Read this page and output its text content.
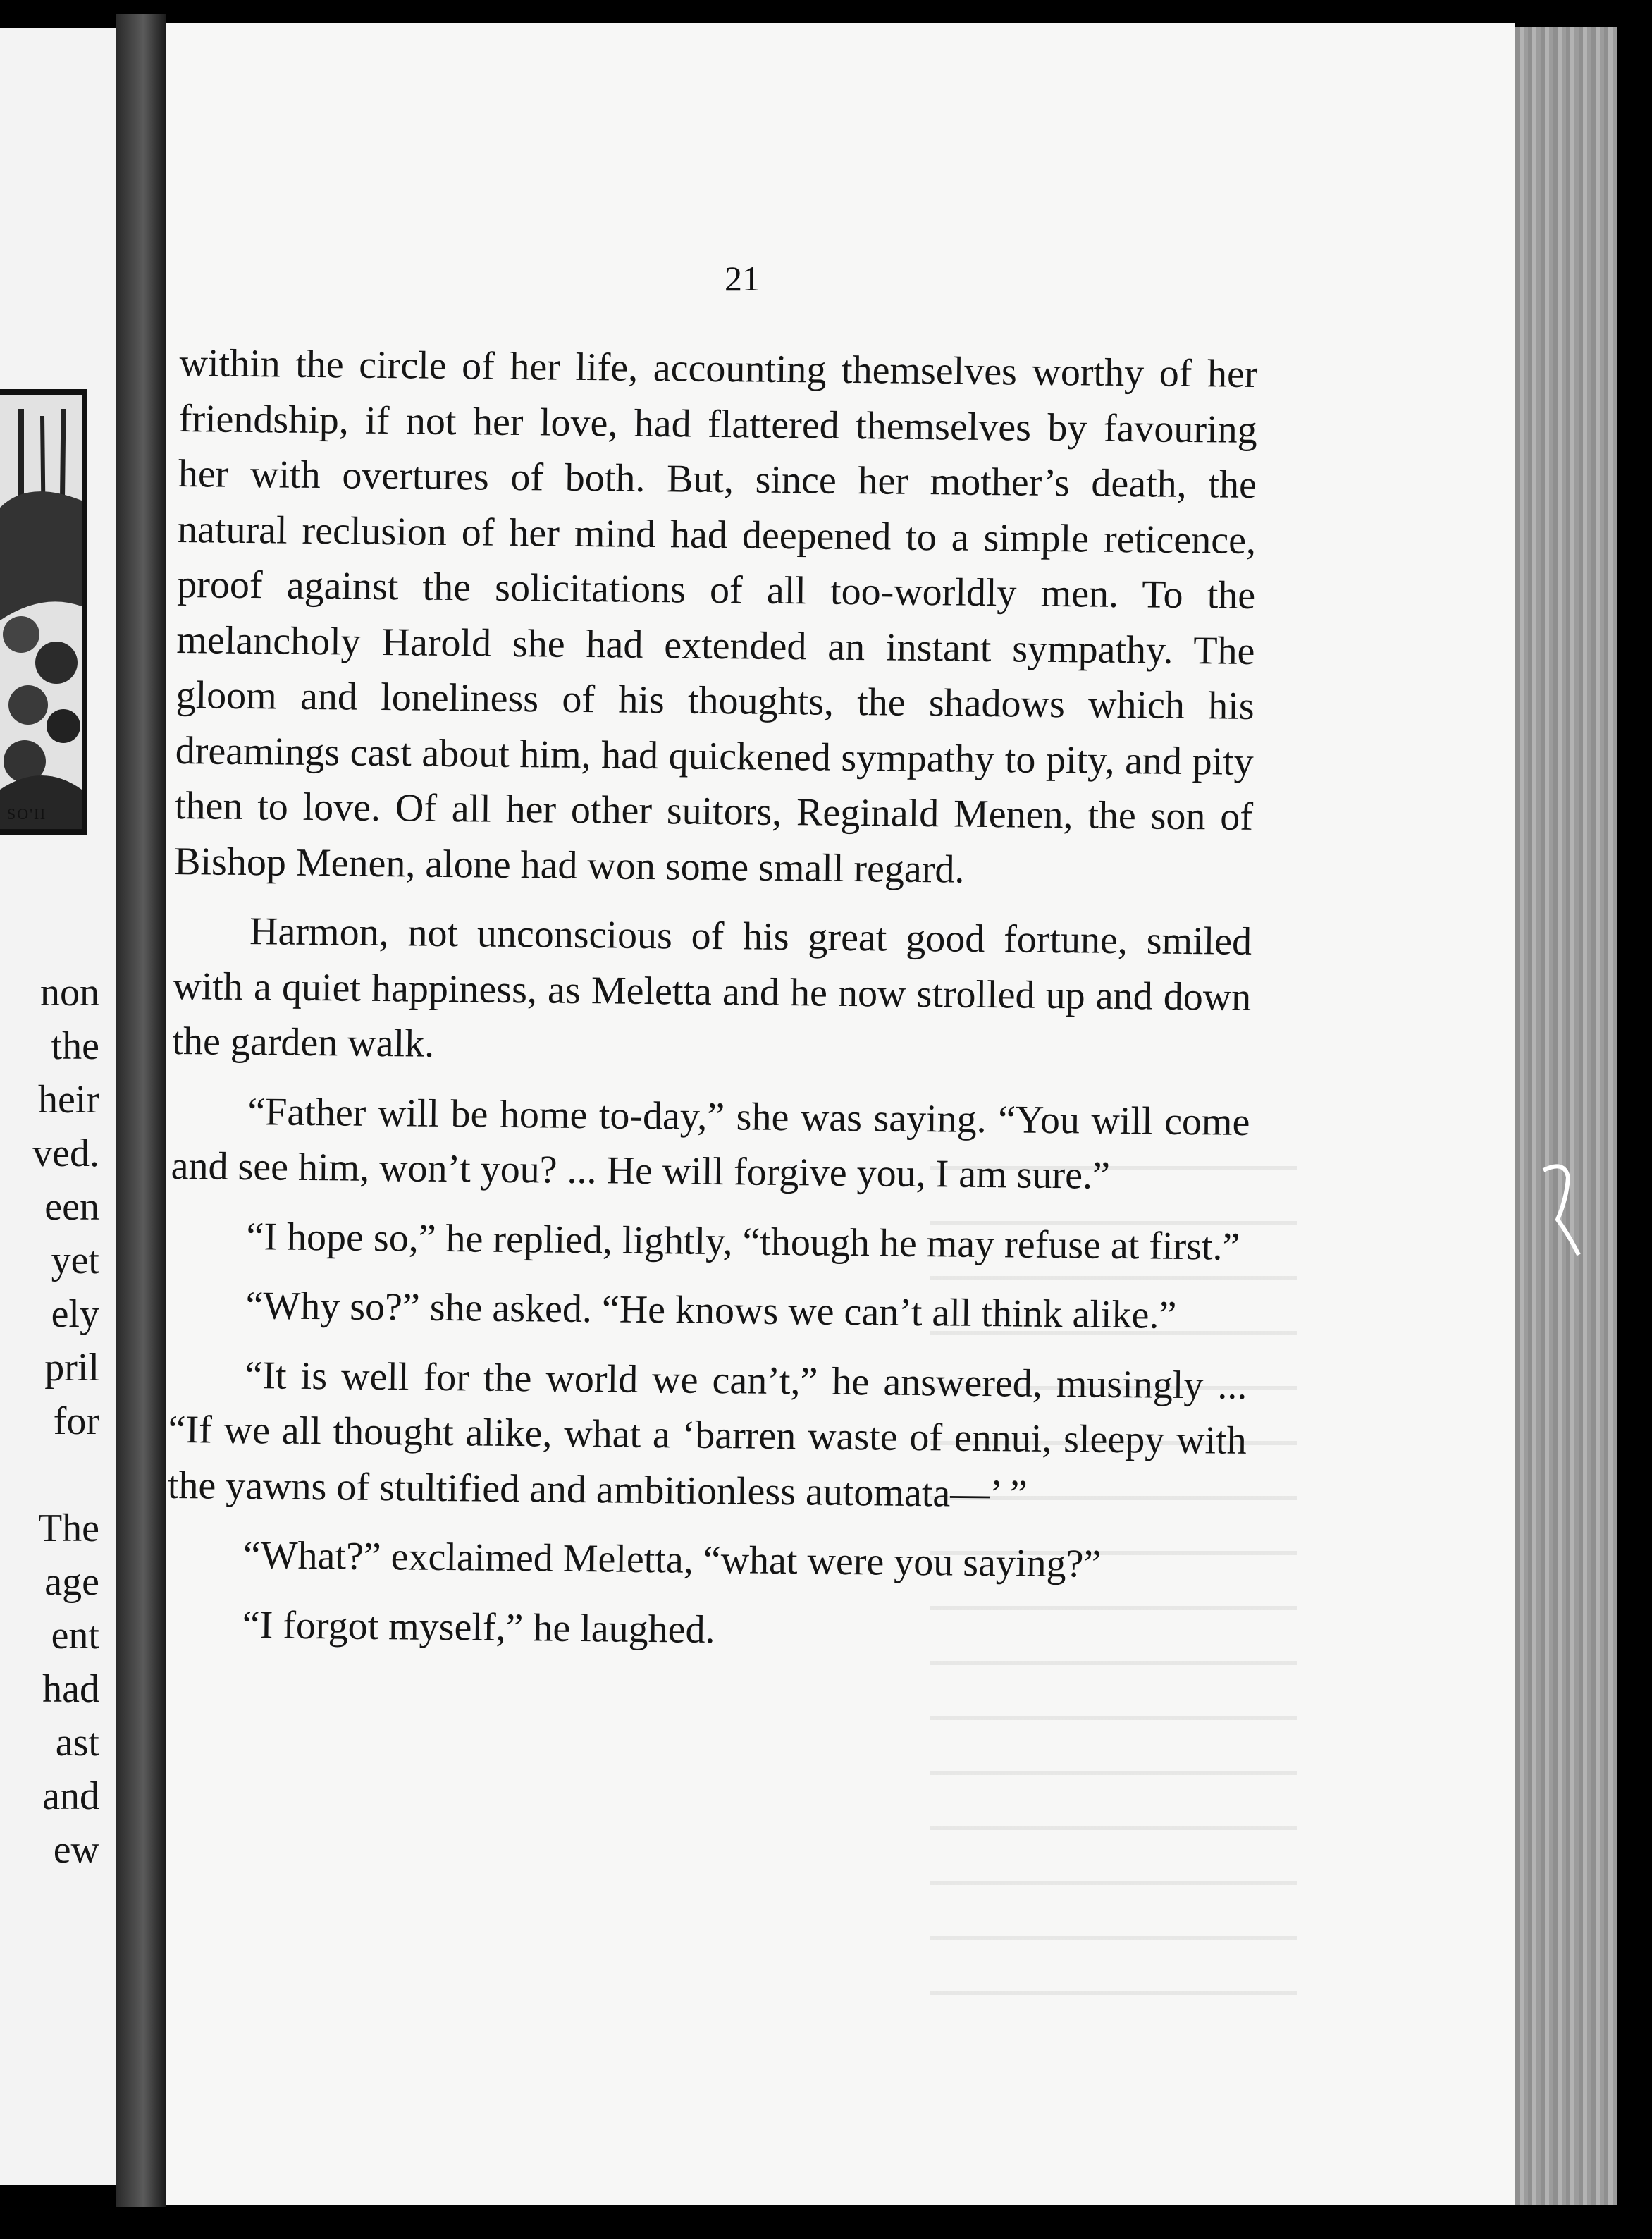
SO'H
non
the
heir
ved.
een
yet
ely
pril
for
The
age
ent
had
ast
and
ew
21

within the circle of her life, accounting themselves worthy of her friendship, if not her love, had flattered themselves by favouring her with overtures of both. But, since her mother’s death, the natural reclusion of her mind had deepened to a simple reticence, proof against the solicitations of all too-worldly men. To the melancholy Harold she had extended an instant sympathy. The gloom and loneliness of his thoughts, the shadows which his dreamings cast about him, had quickened sympathy to pity, and pity then to love. Of all her other suitors, Reginald Menen, the son of Bishop Menen, alone had won some small regard.

Harmon, not unconscious of his great good fortune, smiled with a quiet happiness, as Meletta and he now strolled up and down the garden walk.

“Father will be home to-day,” she was saying. “You will come and see him, won’t you? ... He will forgive you, I am sure.”

“I hope so,” he replied, lightly, “though he may refuse at first.”

“Why so?” she asked. “He knows we can’t all think alike.”

“It is well for the world we can’t,” he answered, musingly ... “If we all thought alike, what a ‘barren waste of ennui, sleepy with the yawns of stultified and ambitionless automata—’ ”

“What?” exclaimed Meletta, “what were you saying?”

“I forgot myself,” he laughed.
